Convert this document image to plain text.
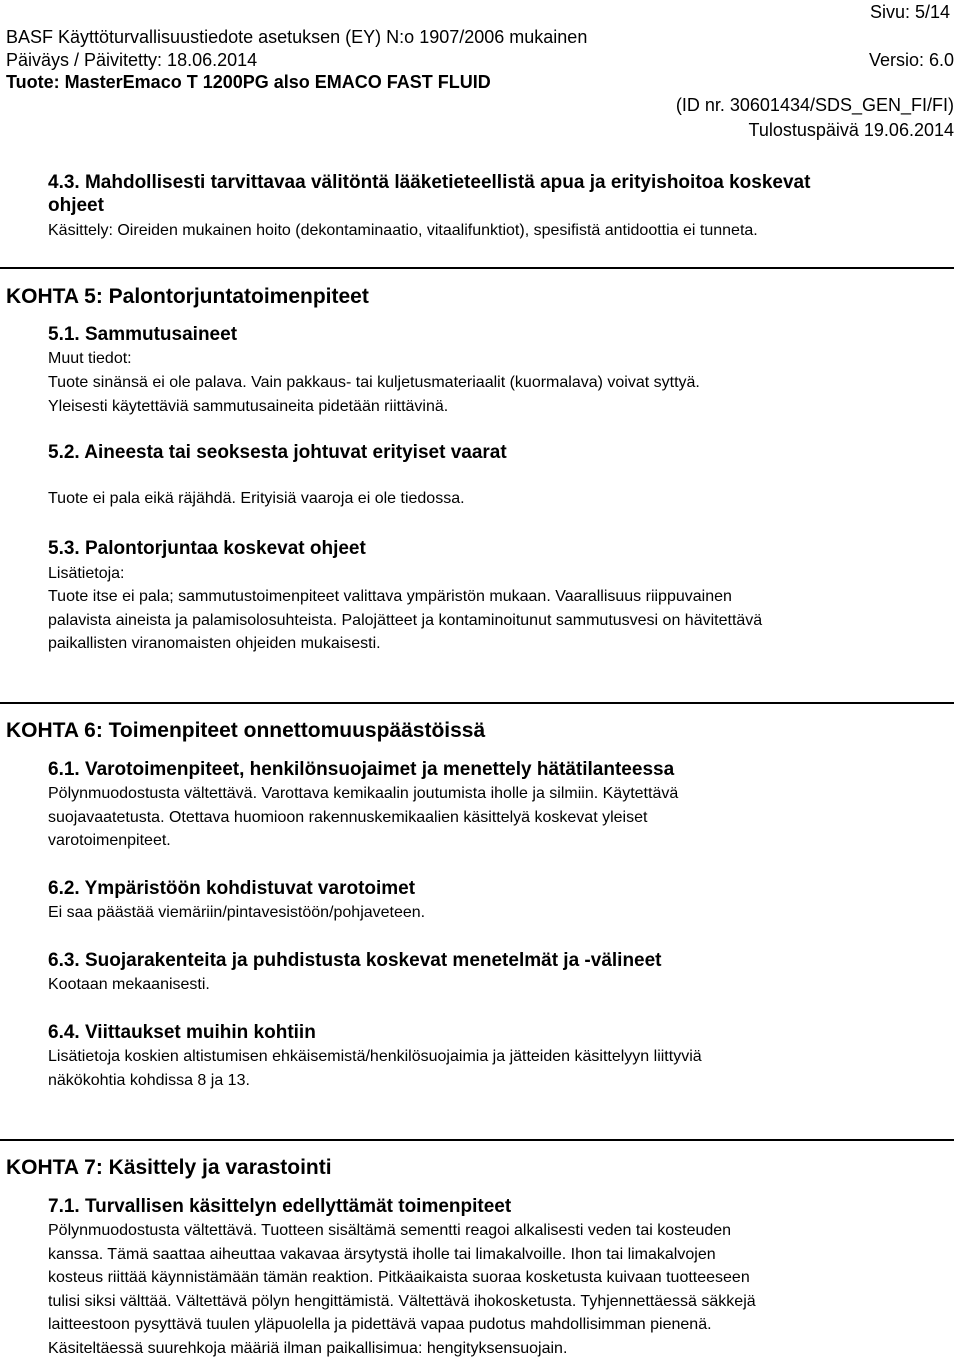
Sivu: 5/14
BASF Käyttöturvallisuustiedote asetuksen (EY) N:o 1907/2006 mukainen
Päiväys / Päivitetty: 18.06.2014	Versio: 6.0
Tuote: MasterEmaco T 1200PG also EMACO FAST FLUID
(ID nr. 30601434/SDS_GEN_FI/FI)
Tulostuspäivä 19.06.2014
4.3. Mahdollisesti tarvittavaa välitöntä lääketieteellistä apua ja erityishoitoa koskevat
ohjeet
Käsittely: Oireiden mukainen hoito (dekontaminaatio, vitaalifunktiot), spesifistä antidoottia ei tunneta.
KOHTA 5: Palontorjuntatoimenpiteet
5.1. Sammutusaineet
Muut tiedot:
Tuote sinänsä ei ole palava. Vain pakkaus- tai kuljetusmateriaalit (kuormalava) voivat syttyä.
Yleisesti käytettäviä sammutusaineita pidetään riittävinä.
5.2. Aineesta tai seoksesta johtuvat erityiset vaarat
Tuote ei pala eikä räjähdä. Erityisiä vaaroja ei ole tiedossa.
5.3. Palontorjuntaa koskevat ohjeet
Lisätietoja:
Tuote itse ei pala; sammutustoimenpiteet valittava ympäristön mukaan. Vaarallisuus riippuvainen
palavista aineista ja palamisolosuhteista. Palojätteet ja kontaminoitunut sammutusvesi on hävitettävä
paikallisten viranomaisten ohjeiden mukaisesti.
KOHTA 6: Toimenpiteet onnettomuuspäästöissä
6.1. Varotoimenpiteet, henkilönsuojaimet ja menettely hätätilanteessa
Pölynmuodostusta vältettävä. Varottava kemikaalin joutumista iholle ja silmiin. Käytettävä
suojavaatetusta. Otettava huomioon rakennuskemikaalien käsittelyä koskevat yleiset
varotoimenpiteet.
6.2. Ympäristöön kohdistuvat varotoimet
Ei saa päästää viemäriin/pintavesistöön/pohjaveteen.
6.3. Suojarakenteita ja puhdistusta koskevat menetelmät ja -välineet
Kootaan mekaanisesti.
6.4. Viittaukset muihin kohtiin
Lisätietoja koskien altistumisen ehkäisemistä/henkilösuojaimia ja jätteiden käsittelyyn liittyviä
näkökohtia kohdissa 8 ja 13.
KOHTA 7: Käsittely ja varastointi
7.1. Turvallisen käsittelyn edellyttämät toimenpiteet
Pölynmuodostusta vältettävä. Tuotteen sisältämä sementti reagoi alkalisesti veden tai kosteuden
kanssa. Tämä saattaa aiheuttaa vakavaa ärsytystä iholle tai limakalvoille. Ihon tai limakalvojen
kosteus riittää käynnistämään tämän reaktion. Pitkäaikaista suoraa kosketusta kuivaan tuotteeseen
tulisi siksi välttää. Vältettävä pölyn hengittämistä. Vältettävä ihokosketusta. Tyhjennettäessä säkkejä
laitteestoon pysyttävä tuulen yläpuolella ja pidettävä vapaa pudotus mahdollisimman pienenä.
Käsiteltäessä suurehkoja määriä ilman paikallisimua: hengityksensuojain.
